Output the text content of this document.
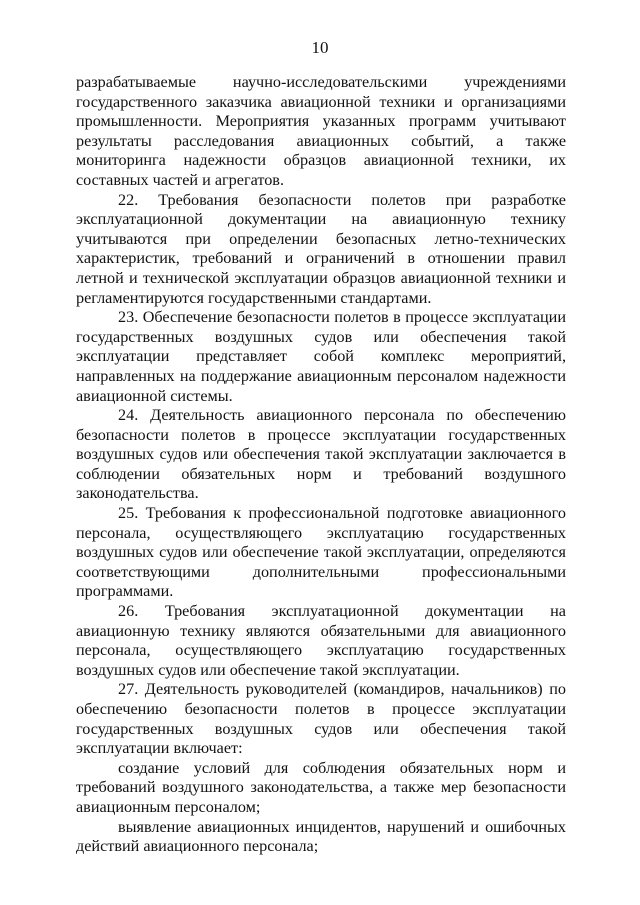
10

разрабатываемые научно-исследовательскими учреждениями государственного заказчика авиационной техники и организациями промышленности. Мероприятия указанных программ учитывают результаты расследования авиационных событий, а также мониторинга надежности образцов авиационной техники, их составных частей и агрегатов.

22. Требования безопасности полетов при разработке эксплуатационной документации на авиационную технику учитываются при определении безопасных летно-технических характеристик, требований и ограничений в отношении правил летной и технической эксплуатации образцов авиационной техники и регламентируются государственными стандартами.

23. Обеспечение безопасности полетов в процессе эксплуатации государственных воздушных судов или обеспечения такой эксплуатации представляет собой комплекс мероприятий, направленных на поддержание авиационным персоналом надежности авиационной системы.

24. Деятельность авиационного персонала по обеспечению безопасности полетов в процессе эксплуатации государственных воздушных судов или обеспечения такой эксплуатации заключается в соблюдении обязательных норм и требований воздушного законодательства.

25. Требования к профессиональной подготовке авиационного персонала, осуществляющего эксплуатацию государственных воздушных судов или обеспечение такой эксплуатации, определяются соответствующими дополнительными профессиональными программами.

26. Требования эксплуатационной документации на авиационную технику являются обязательными для авиационного персонала, осуществляющего эксплуатацию государственных воздушных судов или обеспечение такой эксплуатации.

27. Деятельность руководителей (командиров, начальников) по обеспечению безопасности полетов в процессе эксплуатации государственных воздушных судов или обеспечения такой эксплуатации включает:

создание условий для соблюдения обязательных норм и требований воздушного законодательства, а также мер безопасности авиационным персоналом;

выявление авиационных инцидентов, нарушений и ошибочных действий авиационного персонала;
